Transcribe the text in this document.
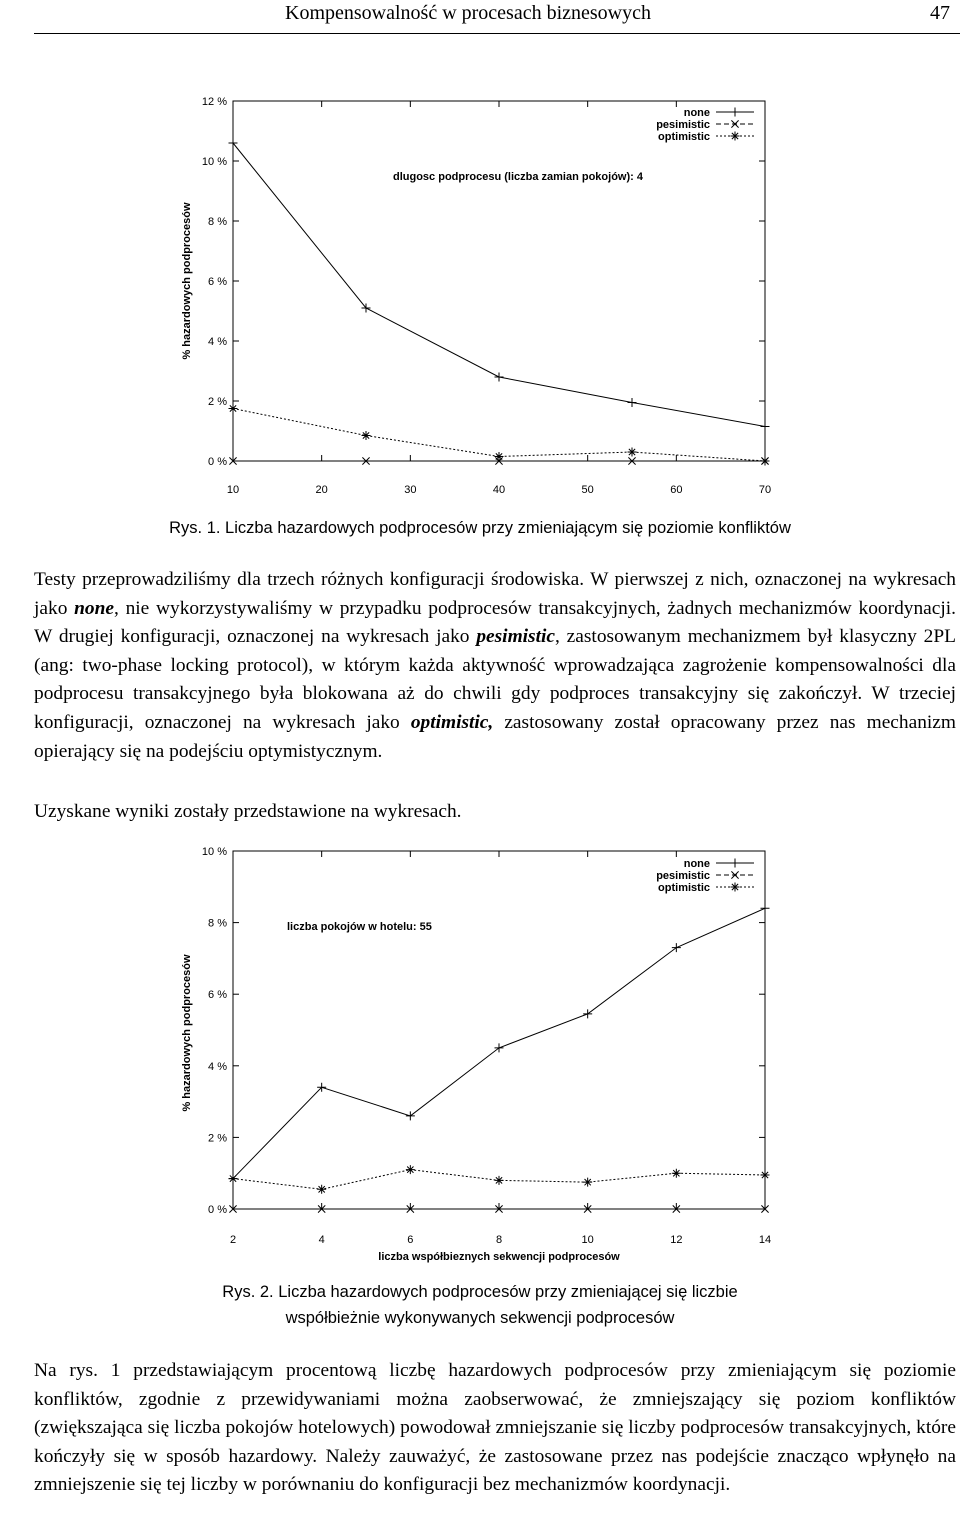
Kompensowalność w procesach biznesowych	47
0 %
2 %
4 %
6 %
8 %
10 %
12 %
10	20	30	40	50	60	70
% hazardowych podprocesów
dlugosc podprocesu (liczba zamian pokojów): 4
none
pesimistic
optimistic
Rys. 1. Liczba hazardowych podprocesów przy zmieniającym się poziomie konfliktów

Testy przeprowadziliśmy dla trzech różnych konfiguracji środowiska. W pierwszej z nich, oznaczonej na wykresach jako none, nie wykorzystywaliśmy w przypadku podprocesów transakcyjnych, żadnych mechanizmów koordynacji. W drugiej konfiguracji, oznaczonej na wykresach jako pesimistic, zastosowanym mechanizmem był klasyczny 2PL (ang: two-phase locking protocol), w którym każda aktywność wprowadzająca zagrożenie kompensowalności dla podprocesu transakcyjnego była blokowana aż do chwili gdy podproces transakcyjny się zakończył. W trzeciej konfiguracji, oznaczonej na wykresach jako optimistic, zastosowany został opracowany przez nas mechanizm opierający się na podejściu optymistycznym.

Uzyskane wyniki zostały przedstawione na wykresach.

0 %
2 %
4 %
6 %
8 %
10 %
2	4	6	8	10	12	14
% hazardowych podprocesów
liczba współbieznych sekwencji podprocesów
liczba pokojów w hotelu: 55
none
pesimistic
optimistic
Rys. 2. Liczba hazardowych podprocesów przy zmieniającej się liczbie
współbieżnie wykonywanych sekwencji podprocesów

Na rys. 1 przedstawiającym procentową liczbę hazardowych podprocesów przy zmieniającym się poziomie konfliktów, zgodnie z przewidywaniami można zaobserwować, że zmniejszający się poziom konfliktów (zwiększająca się liczba pokojów hotelowych) powodował zmniejszanie się liczby podprocesów transakcyjnych, które kończyły się w sposób hazardowy. Należy zauważyć, że zastosowane przez nas podejście znacząco wpłynęło na zmniejszenie się tej liczby w porównaniu do konfiguracji bez mechanizmów koordynacji.
